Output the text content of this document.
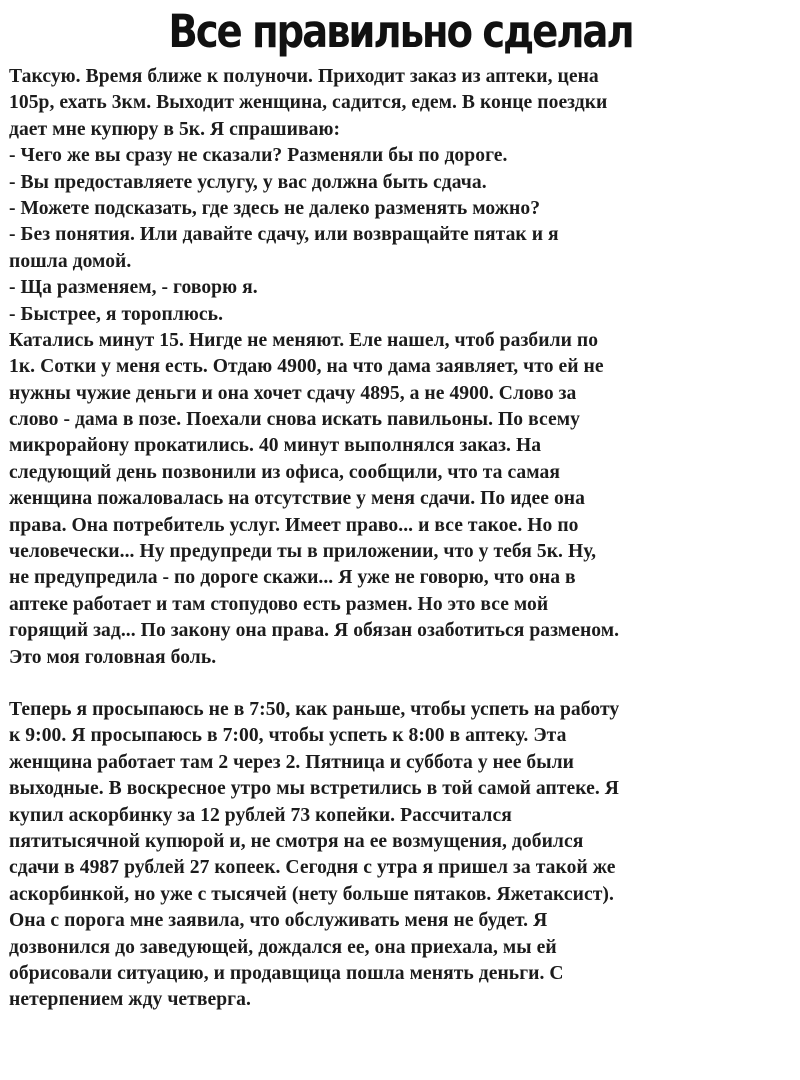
Все правильно сделал
Таксую. Время ближе к полуночи. Приходит заказ из аптеки, цена
105р, ехать 3км. Выходит женщина, садится, едем. В конце поездки
дает мне купюру в 5к. Я спрашиваю:
- Чего же вы сразу не сказали? Разменяли бы по дороге.
- Вы предоставляете услугу, у вас должна быть сдача.
- Можете подсказать, где здесь не далеко разменять можно?
- Без понятия. Или давайте сдачу, или возвращайте пятак и я
пошла домой.
- Ща разменяем, - говорю я.
- Быстрее, я тороплюсь.
Катались минут 15. Нигде не меняют. Еле нашел, чтоб разбили по
1к. Сотки у меня есть. Отдаю 4900, на что дама заявляет, что ей не
нужны чужие деньги и она хочет сдачу 4895, а не 4900. Слово за
слово - дама в позе. Поехали снова искать павильоны. По всему
микрорайону прокатились. 40 минут выполнялся заказ. На
следующий день позвонили из офиса, сообщили, что та самая
женщина пожаловалась на отсутствие у меня сдачи. По идее она
права. Она потребитель услуг. Имеет право... и все такое. Но по
человечески... Ну предупреди ты в приложении, что у тебя 5к. Ну,
не предупредила - по дороге скажи... Я уже не говорю, что она в
аптеке работает и там стопудово есть размен. Но это все мой
горящий зад... По закону она права. Я обязан озаботиться разменом.
Это моя головная боль.
Теперь я просыпаюсь не в 7:50, как раньше, чтобы успеть на работу
к 9:00. Я просыпаюсь в 7:00, чтобы успеть к 8:00 в аптеку. Эта
женщина работает там 2 через 2. Пятница и суббота у нее были
выходные. В воскресное утро мы встретились в той самой аптеке. Я
купил аскорбинку за 12 рублей 73 копейки. Рассчитался
пятитысячной купюрой и, не смотря на ее возмущения, добился
сдачи в 4987 рублей 27 копеек. Сегодня с утра я пришел за такой же
аскорбинкой, но уже с тысячей (нету больше пятаков. Яжетаксист).
Она с порога мне заявила, что обслуживать меня не будет. Я
дозвонился до заведующей, дождался ее, она приехала, мы ей
обрисовали ситуацию, и продавщица пошла менять деньги. С
нетерпением жду четверга.
